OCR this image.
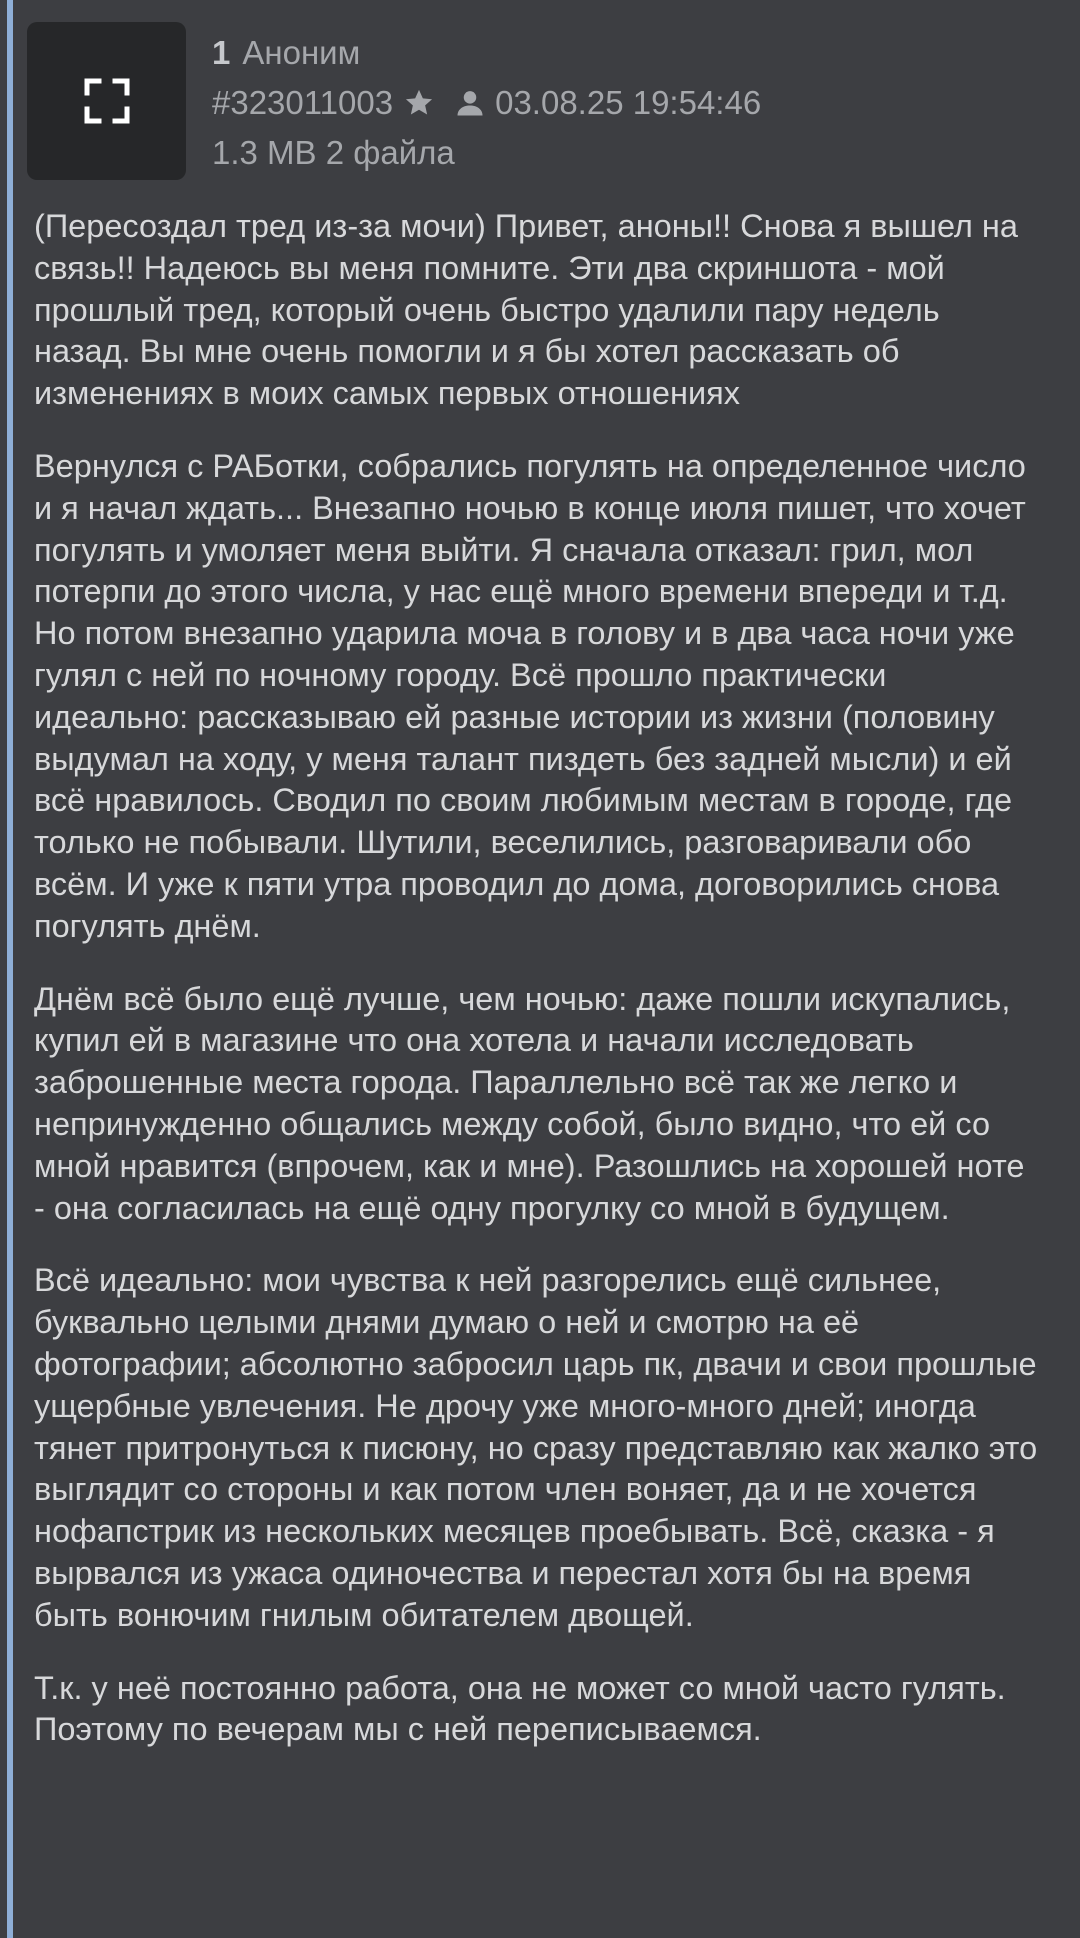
1 Аноним
#323011003	03.08.25 19:54:46
1.3 MB 2 файла

(Пересоздал тред из-за мочи) Привет, аноны!! Снова я вышел на связь!! Надеюсь вы меня помните. Эти два скриншота - мой прошлый тред, который очень быстро удалили пару недель назад. Вы мне очень помогли и я бы хотел рассказать об изменениях в моих самых первых отношениях

Вернулся с РАБотки, собрались погулять на определенное число и я начал ждать... Внезапно ночью в конце июля пишет, что хочет погулять и умоляет меня выйти. Я сначала отказал: грил, мол потерпи до этого числа, у нас ещё много времени впереди и т.д. Но потом внезапно ударила моча в голову и в два часа ночи уже гулял с ней по ночному городу. Всё прошло практически идеально: рассказываю ей разные истории из жизни (половину выдумал на ходу, у меня талант пиздеть без задней мысли) и ей всё нравилось. Сводил по своим любимым местам в городе, где только не побывали. Шутили, веселились, разговаривали обо всём. И уже к пяти утра проводил до дома, договорились снова погулять днём.

Днём всё было ещё лучше, чем ночью: даже пошли искупались, купил ей в магазине что она хотела и начали исследовать заброшенные места города. Параллельно всё так же легко и непринужденно общались между собой, было видно, что ей со мной нравится (впрочем, как и мне). Разошлись на хорошей ноте - она согласилась на ещё одну прогулку со мной в будущем.

Всё идеально: мои чувства к ней разгорелись ещё сильнее, буквально целыми днями думаю о ней и смотрю на её фотографии; абсолютно забросил царь пк, двачи и свои прошлые ущербные увлечения. Не дрочу уже много-много дней; иногда тянет притронуться к писюну, но сразу представляю как жалко это выглядит со стороны и как потом член воняет, да и не хочется нофапстрик из нескольких месяцев проебывать. Всё, сказка - я вырвался из ужаса одиночества и перестал хотя бы на время быть вонючим гнилым обитателем двощей.

Т.к. у неё постоянно работа, она не может со мной часто гулять. Поэтому по вечерам мы с ней переписываемся.
